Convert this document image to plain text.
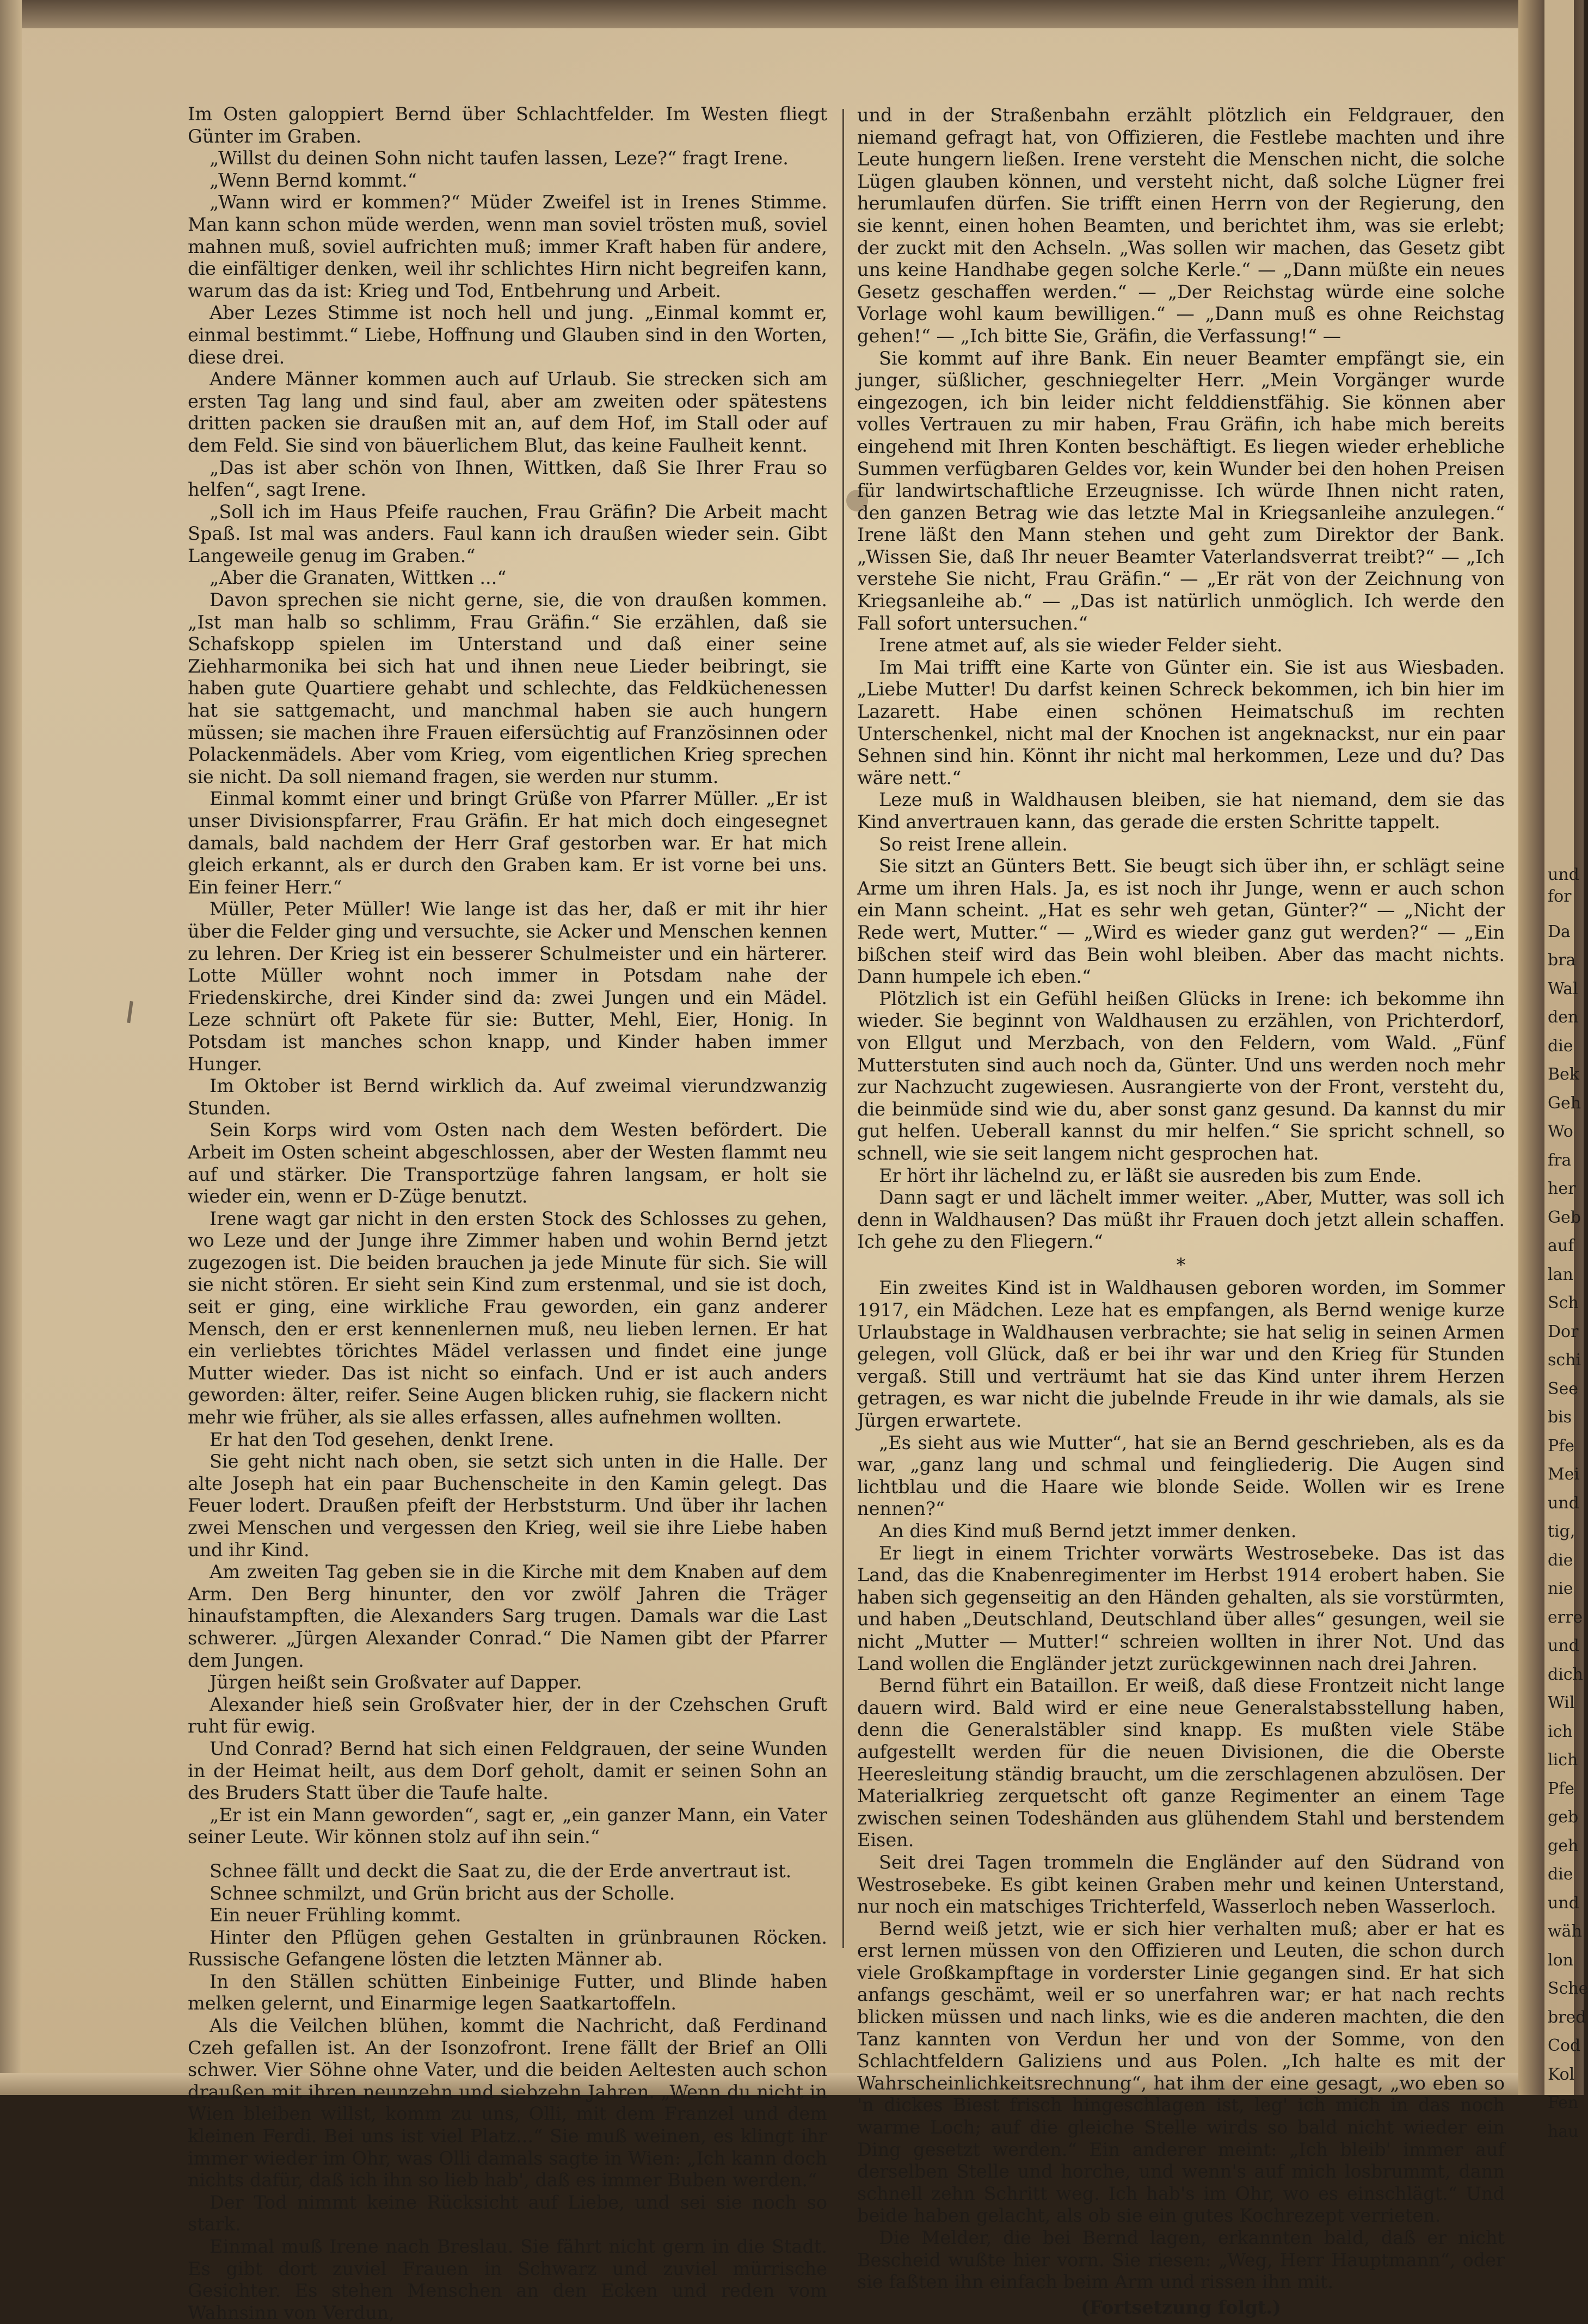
Im Osten galoppiert Bernd über Schlachtfelder. Im Westen fliegt Günter im Graben.

„Willst du deinen Sohn nicht taufen lassen, Leze?“ fragt Irene.

„Wenn Bernd kommt.“

„Wann wird er kommen?“ Müder Zweifel ist in Irenes Stimme. Man kann schon müde werden, wenn man soviel trösten muß, soviel mahnen muß, soviel aufrichten muß; immer Kraft haben für andere, die einfältiger denken, weil ihr schlichtes Hirn nicht begreifen kann, warum das da ist: Krieg und Tod, Entbehrung und Arbeit.

Aber Lezes Stimme ist noch hell und jung. „Einmal kommt er, einmal bestimmt.“ Liebe, Hoffnung und Glauben sind in den Worten, diese drei.

Andere Männer kommen auch auf Urlaub. Sie strecken sich am ersten Tag lang und sind faul, aber am zweiten oder spätestens dritten packen sie draußen mit an, auf dem Hof, im Stall oder auf dem Feld. Sie sind von bäuerlichem Blut, das keine Faulheit kennt.

„Das ist aber schön von Ihnen, Wittken, daß Sie Ihrer Frau so helfen“, sagt Irene.

„Soll ich im Haus Pfeife rauchen, Frau Gräfin? Die Arbeit macht Spaß. Ist mal was anders. Faul kann ich draußen wieder sein. Gibt Langeweile genug im Graben.“

„Aber die Granaten, Wittken ...“

Davon sprechen sie nicht gerne, sie, die von draußen kommen. „Ist man halb so schlimm, Frau Gräfin.“ Sie erzählen, daß sie Schafskopp spielen im Unterstand und daß einer seine Ziehharmonika bei sich hat und ihnen neue Lieder beibringt, sie haben gute Quartiere gehabt und schlechte, das Feldküchenessen hat sie sattgemacht, und manchmal haben sie auch hungern müssen; sie machen ihre Frauen eifersüchtig auf Französinnen oder Polackenmädels. Aber vom Krieg, vom eigentlichen Krieg sprechen sie nicht. Da soll niemand fragen, sie werden nur stumm.

Einmal kommt einer und bringt Grüße von Pfarrer Müller. „Er ist unser Divisionspfarrer, Frau Gräfin. Er hat mich doch eingesegnet damals, bald nachdem der Herr Graf gestorben war. Er hat mich gleich erkannt, als er durch den Graben kam. Er ist vorne bei uns. Ein feiner Herr.“

Müller, Peter Müller! Wie lange ist das her, daß er mit ihr hier über die Felder ging und versuchte, sie Acker und Menschen kennen zu lehren. Der Krieg ist ein besserer Schulmeister und ein härterer. Lotte Müller wohnt noch immer in Potsdam nahe der Friedenskirche, drei Kinder sind da: zwei Jungen und ein Mädel. Leze schnürt oft Pakete für sie: Butter, Mehl, Eier, Honig. In Potsdam ist manches schon knapp, und Kinder haben immer Hunger.

Im Oktober ist Bernd wirklich da. Auf zweimal vierundzwanzig Stunden.

Sein Korps wird vom Osten nach dem Westen befördert. Die Arbeit im Osten scheint abgeschlossen, aber der Westen flammt neu auf und stärker. Die Transportzüge fahren langsam, er holt sie wieder ein, wenn er D-Züge benutzt.

Irene wagt gar nicht in den ersten Stock des Schlosses zu gehen, wo Leze und der Junge ihre Zimmer haben und wohin Bernd jetzt zugezogen ist. Die beiden brauchen ja jede Minute für sich. Sie will sie nicht stören. Er sieht sein Kind zum erstenmal, und sie ist doch, seit er ging, eine wirkliche Frau geworden, ein ganz anderer Mensch, den er erst kennenlernen muß, neu lieben lernen. Er hat ein verliebtes törichtes Mädel verlassen und findet eine junge Mutter wieder. Das ist nicht so einfach. Und er ist auch anders geworden: älter, reifer. Seine Augen blicken ruhig, sie flackern nicht mehr wie früher, als sie alles erfassen, alles aufnehmen wollten.

Er hat den Tod gesehen, denkt Irene.

Sie geht nicht nach oben, sie setzt sich unten in die Halle. Der alte Joseph hat ein paar Buchenscheite in den Kamin gelegt. Das Feuer lodert. Draußen pfeift der Herbststurm. Und über ihr lachen zwei Menschen und vergessen den Krieg, weil sie ihre Liebe haben und ihr Kind.

Am zweiten Tag geben sie in die Kirche mit dem Knaben auf dem Arm. Den Berg hinunter, den vor zwölf Jahren die Träger hinaufstampften, die Alexanders Sarg trugen. Damals war die Last schwerer. „Jürgen Alexander Conrad.“ Die Namen gibt der Pfarrer dem Jungen.

Jürgen heißt sein Großvater auf Dapper.

Alexander hieß sein Großvater hier, der in der Czehschen Gruft ruht für ewig.

Und Conrad? Bernd hat sich einen Feldgrauen, der seine Wunden in der Heimat heilt, aus dem Dorf geholt, damit er seinen Sohn an des Bruders Statt über die Taufe halte.

„Er ist ein Mann geworden“, sagt er, „ein ganzer Mann, ein Vater seiner Leute. Wir können stolz auf ihn sein.“

Schnee fällt und deckt die Saat zu, die der Erde anvertraut ist.

Schnee schmilzt, und Grün bricht aus der Scholle.

Ein neuer Frühling kommt.

Hinter den Pflügen gehen Gestalten in grünbraunen Röcken. Russische Gefangene lösten die letzten Männer ab.

In den Ställen schütten Einbeinige Futter, und Blinde haben melken gelernt, und Einarmige legen Saatkartoffeln.

Als die Veilchen blühen, kommt die Nachricht, daß Ferdinand Czeh gefallen ist. An der Isonzofront. Irene fällt der Brief an Olli schwer. Vier Söhne ohne Vater, und die beiden Aeltesten auch schon draußen mit ihren neunzehn und siebzehn Jahren. „Wenn du nicht in Wien bleiben willst, komm zu uns, Olli, mit dem Franzel und dem kleinen Ferdi. Bei uns ist viel Platz...“ Sie muß weinen, es klingt ihr immer wieder im Ohr, was Olli damals sagte in Wien: „Ich kann doch nichts dafür, daß ich ihn so lieb hab', daß es immer Buben werden.“

Der Tod nimmt keine Rücksicht auf Liebe, und sei sie noch so stark.

Einmal muß Irene nach Breslau. Sie fährt nicht gern in die Stadt. Es gibt dort zuviel Frauen in Schwarz und zuviel mürrische Gesichter. Es stehen Menschen an den Ecken und reden vom Wahnsinn von Verdun,

und in der Straßenbahn erzählt plötzlich ein Feldgrauer, den niemand gefragt hat, von Offizieren, die Festlebe machten und ihre Leute hungern ließen. Irene versteht die Menschen nicht, die solche Lügen glauben können, und versteht nicht, daß solche Lügner frei herumlaufen dürfen. Sie trifft einen Herrn von der Regierung, den sie kennt, einen hohen Beamten, und berichtet ihm, was sie erlebt; der zuckt mit den Achseln. „Was sollen wir machen, das Gesetz gibt uns keine Handhabe gegen solche Kerle.“ — „Dann müßte ein neues Gesetz geschaffen werden.“ — „Der Reichstag würde eine solche Vorlage wohl kaum bewilligen.“ — „Dann muß es ohne Reichstag gehen!“ — „Ich bitte Sie, Gräfin, die Verfassung!“ —

Sie kommt auf ihre Bank. Ein neuer Beamter empfängt sie, ein junger, süßlicher, geschniegelter Herr. „Mein Vorgänger wurde eingezogen, ich bin leider nicht felddienstfähig. Sie können aber volles Vertrauen zu mir haben, Frau Gräfin, ich habe mich bereits eingehend mit Ihren Konten beschäftigt. Es liegen wieder erhebliche Summen verfügbaren Geldes vor, kein Wunder bei den hohen Preisen für landwirtschaftliche Erzeugnisse. Ich würde Ihnen nicht raten, den ganzen Betrag wie das letzte Mal in Kriegsanleihe anzulegen.“ Irene läßt den Mann stehen und geht zum Direktor der Bank. „Wissen Sie, daß Ihr neuer Beamter Vaterlandsverrat treibt?“ — „Ich verstehe Sie nicht, Frau Gräfin.“ — „Er rät von der Zeichnung von Kriegsanleihe ab.“ — „Das ist natürlich unmöglich. Ich werde den Fall sofort untersuchen.“

Irene atmet auf, als sie wieder Felder sieht.

Im Mai trifft eine Karte von Günter ein. Sie ist aus Wiesbaden. „Liebe Mutter! Du darfst keinen Schreck bekommen, ich bin hier im Lazarett. Habe einen schönen Heimatschuß im rechten Unterschenkel, nicht mal der Knochen ist angeknackst, nur ein paar Sehnen sind hin. Könnt ihr nicht mal herkommen, Leze und du? Das wäre nett.“

Leze muß in Waldhausen bleiben, sie hat niemand, dem sie das Kind anvertrauen kann, das gerade die ersten Schritte tappelt.

So reist Irene allein.

Sie sitzt an Günters Bett. Sie beugt sich über ihn, er schlägt seine Arme um ihren Hals. Ja, es ist noch ihr Junge, wenn er auch schon ein Mann scheint. „Hat es sehr weh getan, Günter?“ — „Nicht der Rede wert, Mutter.“ — „Wird es wieder ganz gut werden?“ — „Ein bißchen steif wird das Bein wohl bleiben. Aber das macht nichts. Dann humpele ich eben.“

Plötzlich ist ein Gefühl heißen Glücks in Irene: ich bekomme ihn wieder. Sie beginnt von Waldhausen zu erzählen, von Prichterdorf, von Ellgut und Merzbach, von den Feldern, vom Wald. „Fünf Mutterstuten sind auch noch da, Günter. Und uns werden noch mehr zur Nachzucht zugewiesen. Ausrangierte von der Front, versteht du, die beinmüde sind wie du, aber sonst ganz gesund. Da kannst du mir gut helfen. Ueberall kannst du mir helfen.“ Sie spricht schnell, so schnell, wie sie seit langem nicht gesprochen hat.

Er hört ihr lächelnd zu, er läßt sie ausreden bis zum Ende.

Dann sagt er und lächelt immer weiter. „Aber, Mutter, was soll ich denn in Waldhausen? Das müßt ihr Frauen doch jetzt allein schaffen. Ich gehe zu den Fliegern.“

*

Ein zweites Kind ist in Waldhausen geboren worden, im Sommer 1917, ein Mädchen. Leze hat es empfangen, als Bernd wenige kurze Urlaubstage in Waldhausen verbrachte; sie hat selig in seinen Armen gelegen, voll Glück, daß er bei ihr war und den Krieg für Stunden vergaß. Still und verträumt hat sie das Kind unter ihrem Herzen getragen, es war nicht die jubelnde Freude in ihr wie damals, als sie Jürgen erwartete.

„Es sieht aus wie Mutter“, hat sie an Bernd geschrieben, als es da war, „ganz lang und schmal und feingliederig. Die Augen sind lichtblau und die Haare wie blonde Seide. Wollen wir es Irene nennen?“

An dies Kind muß Bernd jetzt immer denken.

Er liegt in einem Trichter vorwärts Westrosebeke. Das ist das Land, das die Knabenregimenter im Herbst 1914 erobert haben. Sie haben sich gegenseitig an den Händen gehalten, als sie vorstürmten, und haben „Deutschland, Deutschland über alles“ gesungen, weil sie nicht „Mutter — Mutter!“ schreien wollten in ihrer Not. Und das Land wollen die Engländer jetzt zurückgewinnen nach drei Jahren.

Bernd führt ein Bataillon. Er weiß, daß diese Frontzeit nicht lange dauern wird. Bald wird er eine neue Generalstabsstellung haben, denn die Generalstäbler sind knapp. Es mußten viele Stäbe aufgestellt werden für die neuen Divisionen, die die Oberste Heeresleitung ständig braucht, um die zerschlagenen abzulösen. Der Materialkrieg zerquetscht oft ganze Regimenter an einem Tage zwischen seinen Todeshänden aus glühendem Stahl und berstendem Eisen.

Seit drei Tagen trommeln die Engländer auf den Südrand von Westrosebeke. Es gibt keinen Graben mehr und keinen Unterstand, nur noch ein matschiges Trichterfeld, Wasserloch neben Wasserloch.

Bernd weiß jetzt, wie er sich hier verhalten muß; aber er hat es erst lernen müssen von den Offizieren und Leuten, die schon durch viele Großkampftage in vorderster Linie gegangen sind. Er hat sich anfangs geschämt, weil er so unerfahren war; er hat nach rechts blicken müssen und nach links, wie es die anderen machten, die den Tanz kannten von Verdun her und von der Somme, von den Schlachtfeldern Galiziens und aus Polen. „Ich halte es mit der Wahrscheinlichkeitsrechnung“, hat ihm der eine gesagt, „wo eben so 'n dickes Biest frisch hingeschlagen ist, leg' ich mich in das noch warme Loch; auf die gleiche Stelle wirds so bald nicht wieder ein Ding gesetzt werden.“ Ein anderer meint: „Ich bleib' immer auf derselben Stelle und horche, und wenn's auf mich losbrummt, dann schnell zehn Schritt weg. Ich hab's im Ohr, wo es einschlägt.“ Und beide haben gelacht, als ob sie ein gutes Kochrezept verrieten.

Die Melder, die bei Bernd lagen, erkannten bald, daß er nicht Bescheid wußte hier vorn. Sie riesen: „Weg, Herr Hauptmann“, oder sie faßten ihn einfach beim Arm und rissen ihn mit.

(Fortsetzung folgt.)

und
for
Da
bra
Wal
den
die
Bek
Geh
Wo
fra
her
Geb
auf
lan
Sch
Dor
schi
See
bis
Pfe
Mei
und
tig,
die
nie
erre
und
dich
Wil
ich
lich
Pfe
geb
geh
die
und
wäh
lon
Sche
bred
Cod
Kol
Fen
hau
